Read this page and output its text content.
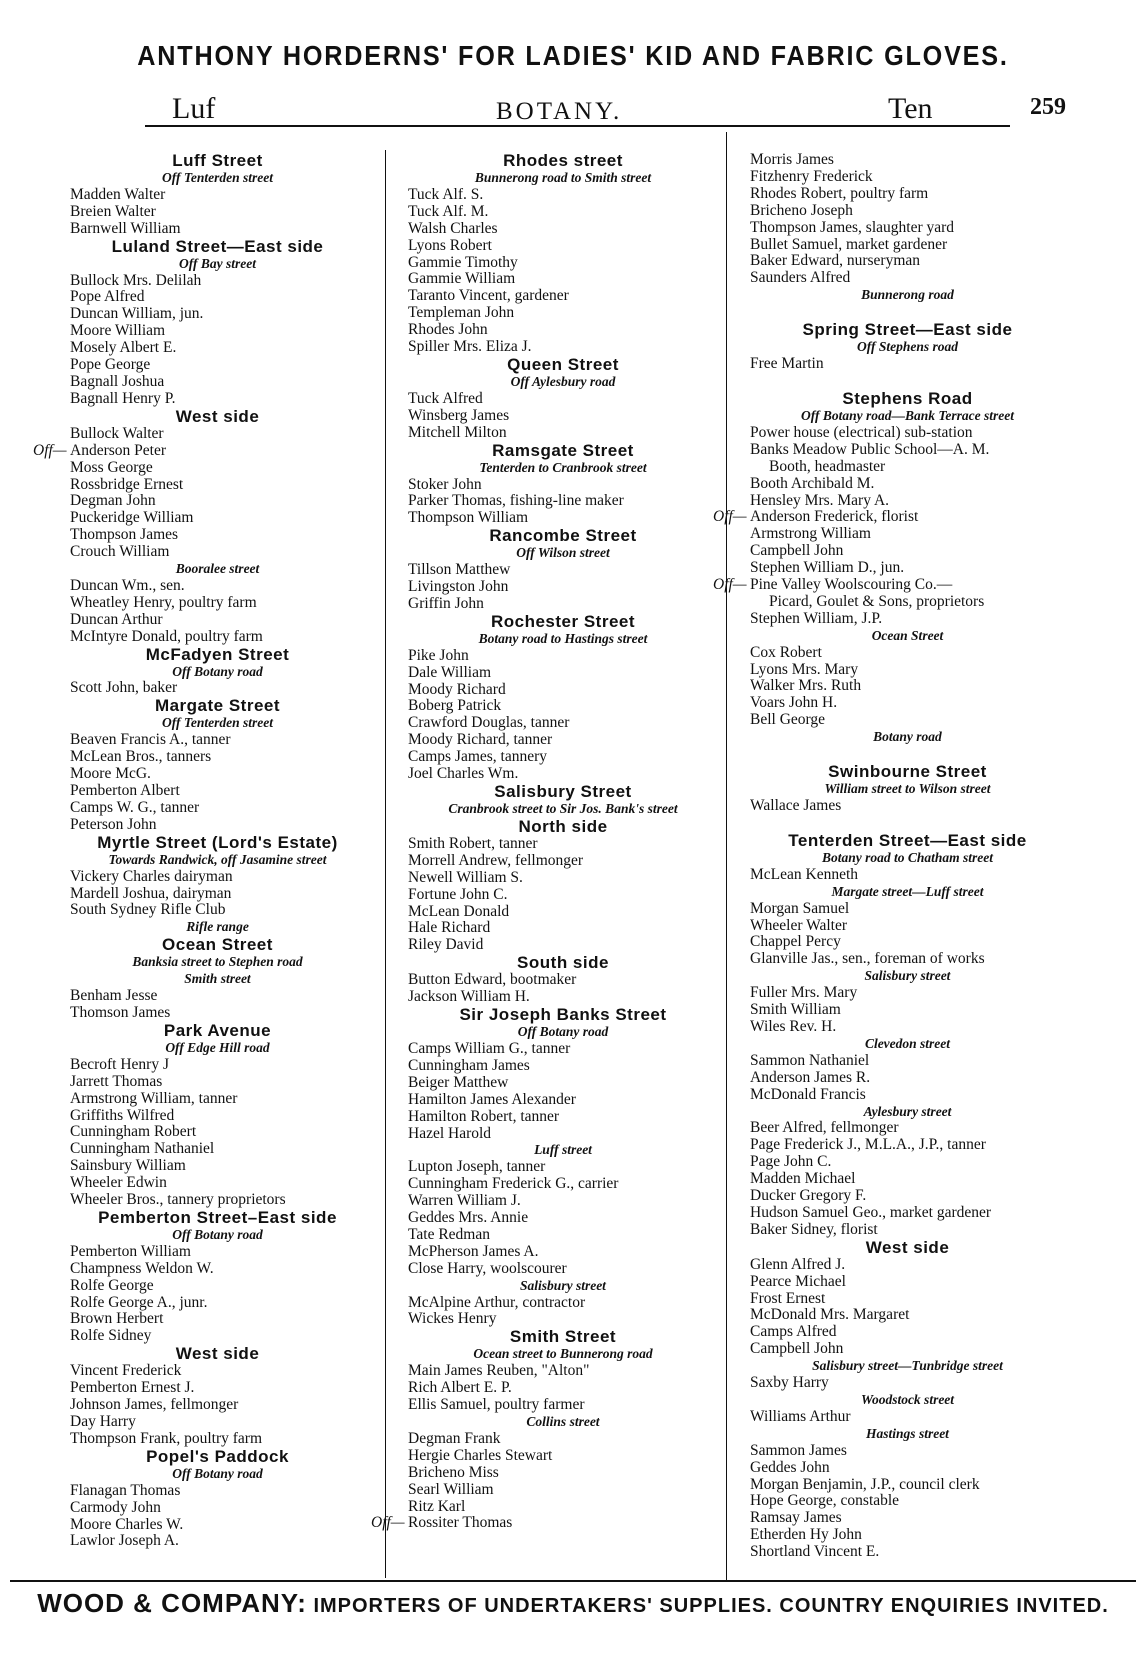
ANTHONY HORDERNS' FOR LADIES' KID AND FABRIC GLOVES.
Luf	BOTANY.	Ten	259
Luff Street
Off Tenterden street
Madden Walter
Breien Walter
Barnwell William
Luland Street—East side
Off Bay street
Bullock Mrs. Delilah
Pope Alfred
Duncan William, jun.
Moore William
Mosely Albert E.
Pope George
Bagnall Joshua
Bagnall Henry P.
West side
Bullock Walter
Off— Anderson Peter
Moss George
Rossbridge Ernest
Degman John
Puckeridge William
Thompson James
Crouch William
Booralee street
Duncan Wm., sen.
Wheatley Henry, poultry farm
Duncan Arthur
McIntyre Donald, poultry farm
McFadyen Street
Off Botany road
Scott John, baker
Margate Street
Off Tenterden street
Beaven Francis A., tanner
McLean Bros., tanners
Moore McG.
Pemberton Albert
Camps W. G., tanner
Peterson John
Myrtle Street (Lord's Estate)
Towards Randwick, off Jasamine street
Vickery Charles dairyman
Mardell Joshua, dairyman
South Sydney Rifle Club
Rifle range
Ocean Street
Banksia street to Stephen road
Smith street
Benham Jesse
Thomson James
Park Avenue
Off Edge Hill road
Becroft Henry J
Jarrett Thomas
Armstrong William, tanner
Griffiths Wilfred
Cunningham Robert
Cunningham Nathaniel
Sainsbury William
Wheeler Edwin
Wheeler Bros., tannery proprietors
Pemberton Street–East side
Off Botany road
Pemberton William
Champness Weldon W.
Rolfe George
Rolfe George A., junr.
Brown Herbert
Rolfe Sidney
West side
Vincent Frederick
Pemberton Ernest J.
Johnson James, fellmonger
Day Harry
Thompson Frank, poultry farm
Popel's Paddock
Off Botany road
Flanagan Thomas
Carmody John
Moore Charles W.
Lawlor Joseph A.
Rhodes street
Bunnerong road to Smith street
Tuck Alf. S.
Tuck Alf. M.
Walsh Charles
Lyons Robert
Gammie Timothy
Gammie William
Taranto Vincent, gardener
Templeman John
Rhodes John
Spiller Mrs. Eliza J.
Queen Street
Off Aylesbury road
Tuck Alfred
Winsberg James
Mitchell Milton
Ramsgate Street
Tenterden to Cranbrook street
Stoker John
Parker Thomas, fishing-line maker
Thompson William
Rancombe Street
Off Wilson street
Tillson Matthew
Livingston John
Griffin John
Rochester Street
Botany road to Hastings street
Pike John
Dale William
Moody Richard
Boberg Patrick
Crawford Douglas, tanner
Moody Richard, tanner
Camps James, tannery
Joel Charles Wm.
Salisbury Street
Cranbrook street to Sir Jos. Bank's street
North side
Smith Robert, tanner
Morrell Andrew, fellmonger
Newell William S.
Fortune John C.
McLean Donald
Hale Richard
Riley David
South side
Button Edward, bootmaker
Jackson William H.
Sir Joseph Banks Street
Off Botany road
Camps William G., tanner
Cunningham James
Beiger Matthew
Hamilton James Alexander
Hamilton Robert, tanner
Hazel Harold
Luff street
Lupton Joseph, tanner
Cunningham Frederick G., carrier
Warren William J.
Geddes Mrs. Annie
Tate Redman
McPherson James A.
Close Harry, woolscourer
Salisbury street
McAlpine Arthur, contractor
Wickes Henry
Smith Street
Ocean street to Bunnerong road
Main James Reuben, "Alton"
Rich Albert E. P.
Ellis Samuel, poultry farmer
Collins street
Degman Frank
Hergie Charles Stewart
Bricheno Miss
Searl William
Ritz Karl
Off— Rossiter Thomas
Morris James
Fitzhenry Frederick
Rhodes Robert, poultry farm
Bricheno Joseph
Thompson James, slaughter yard
Bullet Samuel, market gardener
Baker Edward, nurseryman
Saunders Alfred
Bunnerong road
Spring Street—East side
Off Stephens road
Free Martin
Stephens Road
Off Botany road—Bank Terrace street
Power house (electrical) sub-station
Banks Meadow Public School—A. M.
Booth, headmaster
Booth Archibald M.
Hensley Mrs. Mary A.
Off— Anderson Frederick, florist
Armstrong William
Campbell John
Stephen William D., jun.
Off— Pine Valley Woolscouring Co.—
Picard, Goulet & Sons, proprietors
Stephen William, J.P.
Ocean Street
Cox Robert
Lyons Mrs. Mary
Walker Mrs. Ruth
Voars John H.
Bell George
Botany road
Swinbourne Street
William street to Wilson street
Wallace James
Tenterden Street—East side
Botany road to Chatham street
McLean Kenneth
Margate street—Luff street
Morgan Samuel
Wheeler Walter
Chappel Percy
Glanville Jas., sen., foreman of works
Salisbury street
Fuller Mrs. Mary
Smith William
Wiles Rev. H.
Clevedon street
Sammon Nathaniel
Anderson James R.
McDonald Francis
Aylesbury street
Beer Alfred, fellmonger
Page Frederick J., M.L.A., J.P., tanner
Page John C.
Madden Michael
Ducker Gregory F.
Hudson Samuel Geo., market gardener
Baker Sidney, florist
West side
Glenn Alfred J.
Pearce Michael
Frost Ernest
McDonald Mrs. Margaret
Camps Alfred
Campbell John
Salisbury street—Tunbridge street
Saxby Harry
Woodstock street
Williams Arthur
Hastings street
Sammon James
Geddes John
Morgan Benjamin, J.P., council clerk
Hope George, constable
Ramsay James
Etherden Hy John
Shortland Vincent E.
WOOD & COMPANY: IMPORTERS OF UNDERTAKERS' SUPPLIES. COUNTRY ENQUIRIES INVITED.
